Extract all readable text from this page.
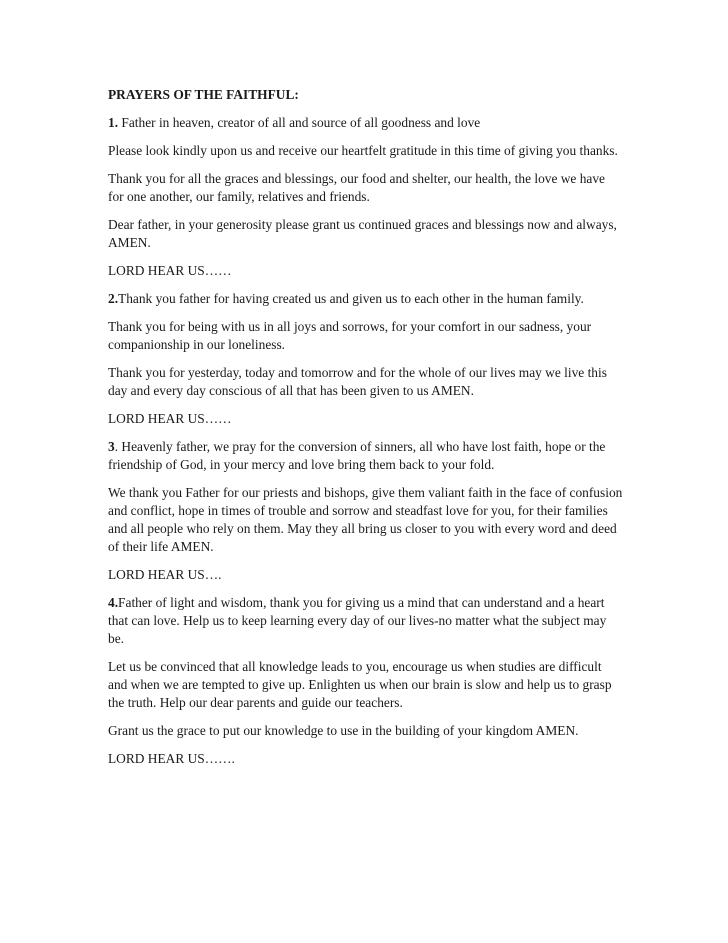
PRAYERS OF THE FAITHFUL:

1. Father in heaven, creator of all and source of all goodness and love

Please look kindly upon us and receive our heartfelt gratitude in this time of giving you thanks.

Thank you for all the graces and blessings, our food and shelter, our health, the love we have for one another, our family, relatives and friends.

Dear father, in your generosity please grant us continued graces and blessings now and always, AMEN.

LORD HEAR US……

2.Thank you father for having created us and given us to each other in the human family.

Thank you for being with us in all joys and sorrows, for your comfort in our sadness, your companionship in our loneliness.

Thank you for yesterday, today and tomorrow and for the whole of our lives may we live this day and every day conscious of all that has been given to us AMEN.

LORD HEAR US……

3. Heavenly father, we pray for the conversion of sinners, all who have lost faith, hope or the friendship of God, in your mercy and love bring them back to your fold.

We thank you Father for our priests and bishops, give them valiant faith in the face of confusion and conflict, hope in times of trouble and sorrow and steadfast love for you, for their families and all people who rely on them. May they all bring us closer to you with every word and deed of their life AMEN.

LORD HEAR US….

4.Father of light and wisdom, thank you for giving us a mind that can understand and a heart that can love. Help us to keep learning every day of our lives-no matter what the subject may be.

Let us be convinced that all knowledge leads to you, encourage us when studies are difficult and when we are tempted to give up. Enlighten us when our brain is slow and help us to grasp the truth. Help our dear parents and guide our teachers.

Grant us the grace to put our knowledge to use in the building of your kingdom AMEN.

LORD HEAR US…….
